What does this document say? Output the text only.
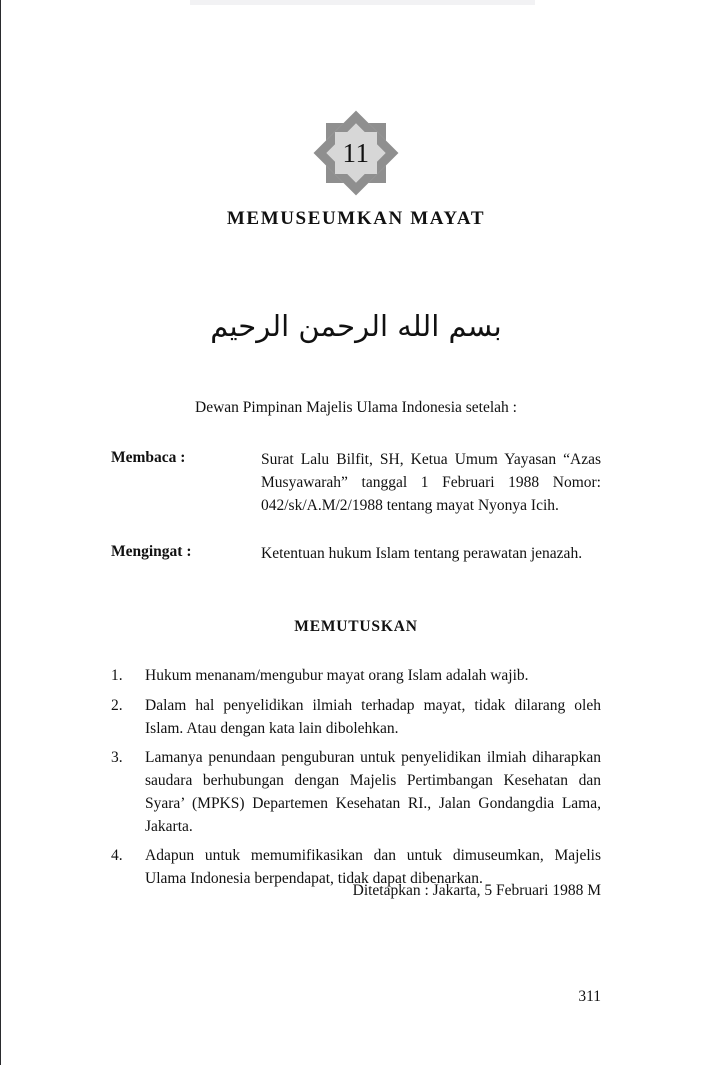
11
MEMUSEUMKAN MAYAT
بسم الله الرحمن الرحيم
Dewan Pimpinan Majelis Ulama Indonesia setelah :
Membaca :	Surat Lalu Bilfit, SH, Ketua Umum Yayasan “Azas Musyawarah” tanggal 1 Februari 1988 Nomor: 042/sk/A.M/2/1988 tentang mayat Nyonya Icih.
Mengingat :	Ketentuan hukum Islam tentang perawatan jenazah.
MEMUTUSKAN
1.	Hukum menanam/mengubur mayat orang Islam adalah wajib.
2.	Dalam hal penyelidikan ilmiah terhadap mayat, tidak dilarang oleh Islam. Atau dengan kata lain dibolehkan.
3.	Lamanya penundaan penguburan untuk penyelidikan ilmiah diharapkan saudara berhubungan dengan Majelis Pertimbangan Kesehatan dan Syara’ (MPKS) Departemen Kesehatan RI., Jalan Gondangdia Lama, Jakarta.
4.	Adapun untuk memumifikasikan dan untuk dimuseumkan, Majelis Ulama Indonesia berpendapat, tidak dapat dibenarkan.
Ditetapkan : Jakarta, 5 Februari 1988 M
311
